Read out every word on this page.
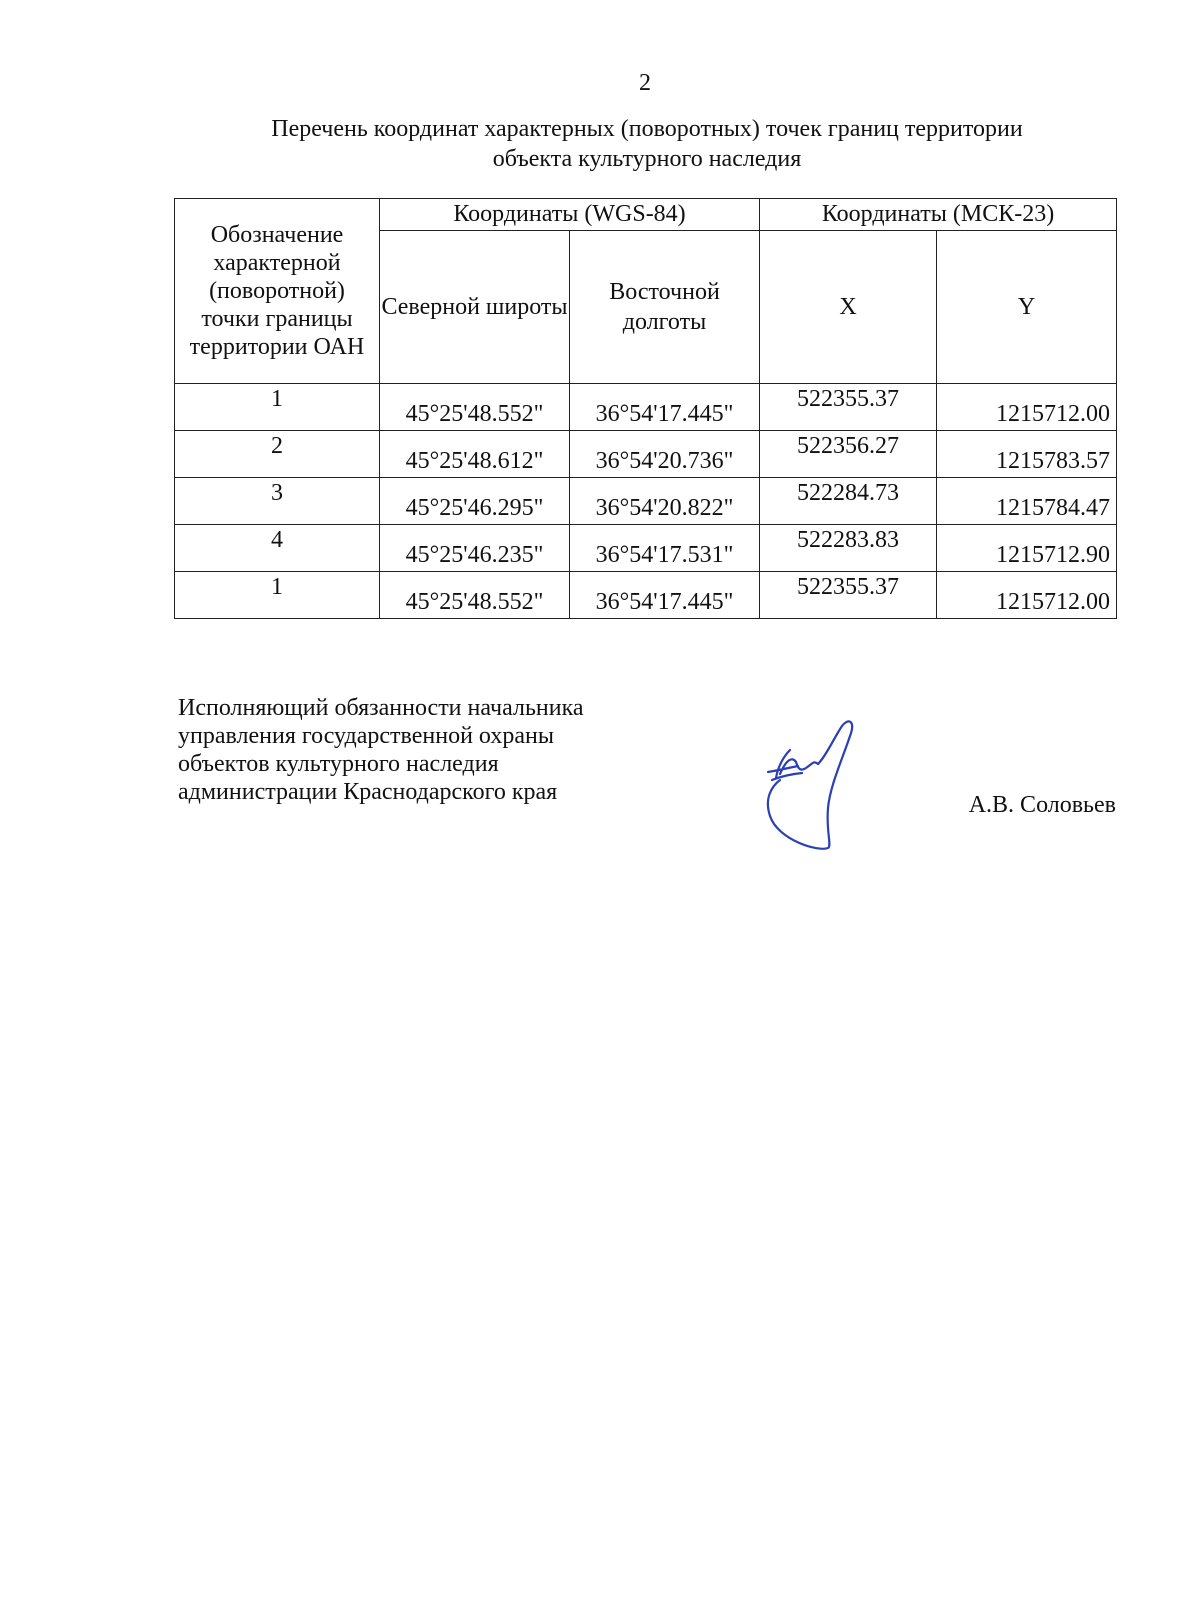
2
Перечень координат характерных (поворотных) точек границ территории
объекта культурного наследия
Обозначение характерной (поворотной) точки границы территории ОАН	Координаты (WGS-84)		Координаты (МСК-23)	
	Северной широты	Восточной долготы	X	Y

1	45°25'48.552"	36°54'17.445"	522355.37	1215712.00

2	45°25'48.612"	36°54'20.736"	522356.27	1215783.57

3	45°25'46.295"	36°54'20.822"	522284.73	1215784.47

4	45°25'46.235"	36°54'17.531"	522283.83	1215712.90

1	45°25'48.552"	36°54'17.445"	522355.37	1215712.00
Исполняющий обязанности начальника
управления государственной охраны
объектов культурного наследия
администрации Краснодарского края	А.В. Соловьев
